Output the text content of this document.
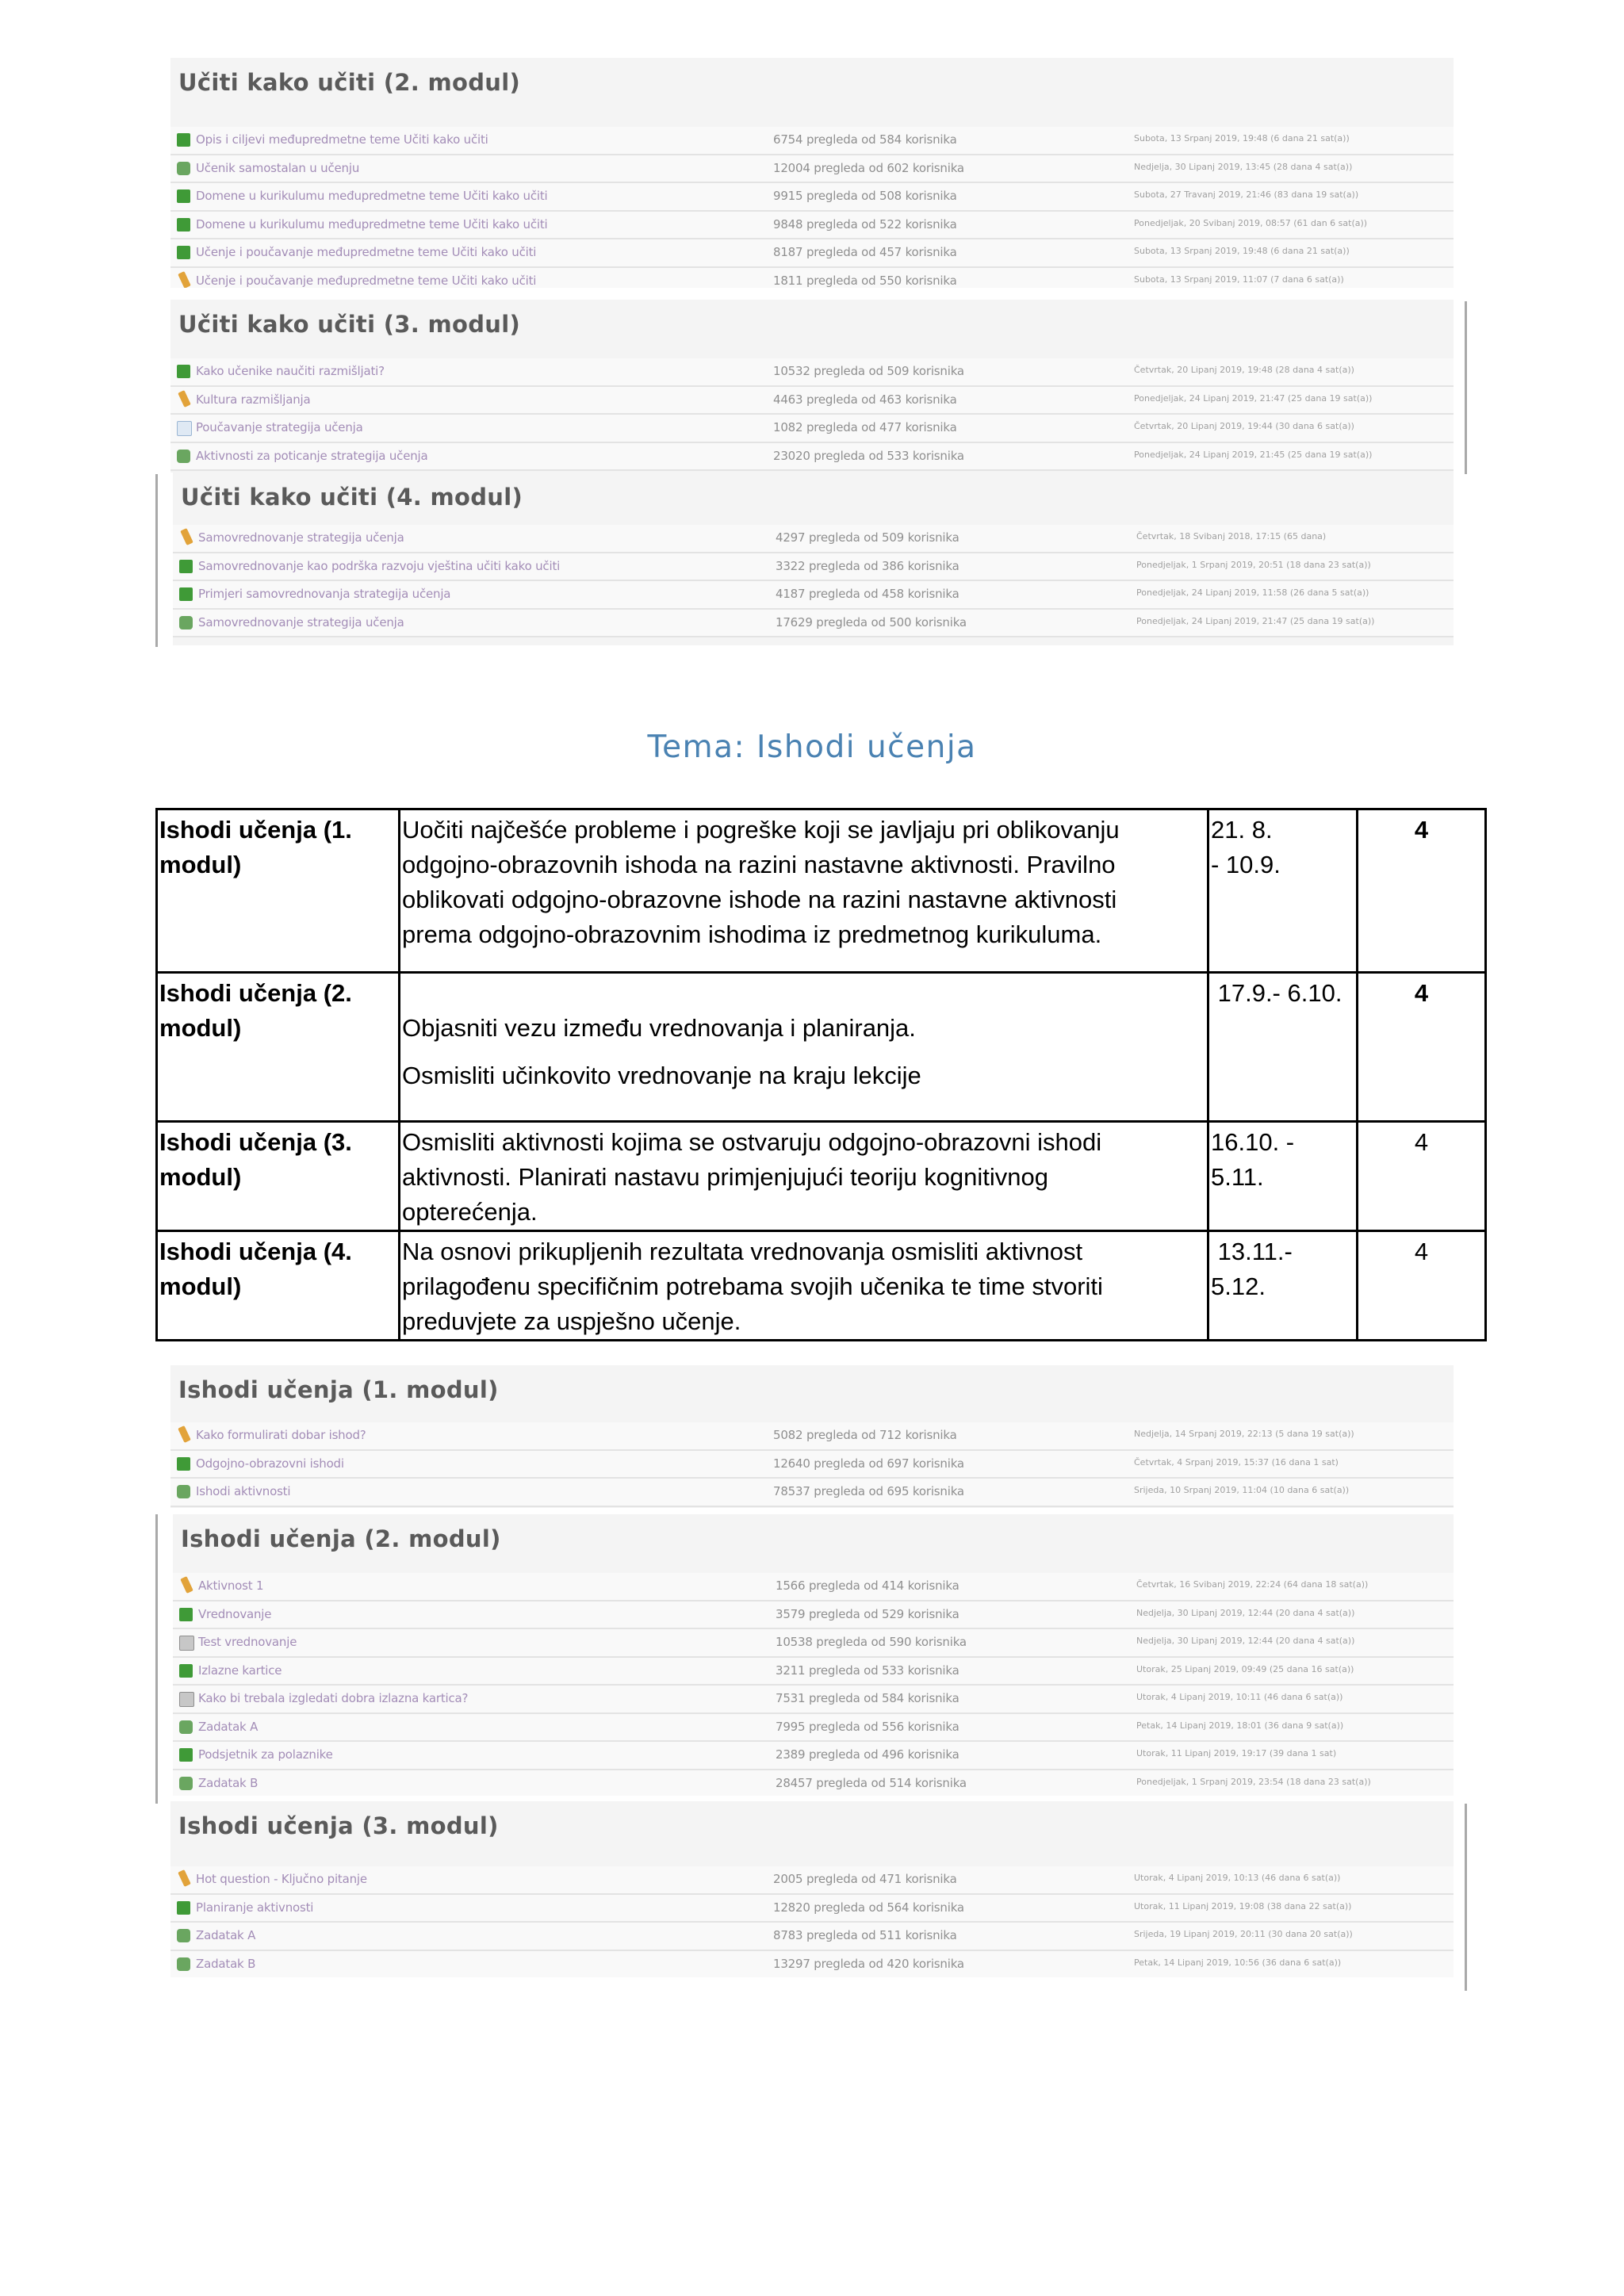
Učiti kako učiti (2. modul)
Opis i ciljevi međupredmetne teme Učiti kako učiti	6754 pregleda od 584 korisnika	Subota, 13 Srpanj 2019, 19:48 (6 dana 21 sat(a))
Učenik samostalan u učenju	12004 pregleda od 602 korisnika	Nedjelja, 30 Lipanj 2019, 13:45 (28 dana 4 sat(a))
Domene u kurikulumu međupredmetne teme Učiti kako učiti	9915 pregleda od 508 korisnika	Subota, 27 Travanj 2019, 21:46 (83 dana 19 sat(a))
Domene u kurikulumu međupredmetne teme Učiti kako učiti	9848 pregleda od 522 korisnika	Ponedjeljak, 20 Svibanj 2019, 08:57 (61 dan 6 sat(a))
Učenje i poučavanje međupredmetne teme Učiti kako učiti	8187 pregleda od 457 korisnika	Subota, 13 Srpanj 2019, 19:48 (6 dana 21 sat(a))
Učenje i poučavanje međupredmetne teme Učiti kako učiti	1811 pregleda od 550 korisnika	Subota, 13 Srpanj 2019, 11:07 (7 dana 6 sat(a))
Učiti kako učiti (3. modul)
Kako učenike naučiti razmišljati?	10532 pregleda od 509 korisnika	Četvrtak, 20 Lipanj 2019, 19:48 (28 dana 4 sat(a))
Kultura razmišljanja	4463 pregleda od 463 korisnika	Ponedjeljak, 24 Lipanj 2019, 21:47 (25 dana 19 sat(a))
Poučavanje strategija učenja	1082 pregleda od 477 korisnika	Četvrtak, 20 Lipanj 2019, 19:44 (30 dana 6 sat(a))
Aktivnosti za poticanje strategija učenja	23020 pregleda od 533 korisnika	Ponedjeljak, 24 Lipanj 2019, 21:45 (25 dana 19 sat(a))
Učiti kako učiti (4. modul)
Samovrednovanje strategija učenja	4297 pregleda od 509 korisnika	Četvrtak, 18 Svibanj 2018, 17:15 (65 dana)
Samovrednovanje kao podrška razvoju vještina učiti kako učiti	3322 pregleda od 386 korisnika	Ponedjeljak, 1 Srpanj 2019, 20:51 (18 dana 23 sat(a))
Primjeri samovrednovanja strategija učenja	4187 pregleda od 458 korisnika	Ponedjeljak, 24 Lipanj 2019, 11:58 (26 dana 5 sat(a))
Samovrednovanje strategija učenja	17629 pregleda od 500 korisnika	Ponedjeljak, 24 Lipanj 2019, 21:47 (25 dana 19 sat(a))
Tema: Ishodi učenja
Ishodi učenja (1. modul)	Uočiti najčešće probleme i pogreške koji se javljaju pri oblikovanju
odgojno-obrazovnih ishoda na razini nastavne aktivnosti. Pravilno
oblikovati odgojno-obrazovne ishode na razini nastavne aktivnosti
prema odgojno-obrazovnim ishodima iz predmetnog kurikuluma.	21. 8.
- 10.9.	4
Ishodi učenja (2. modul)	Objasniti vezu između vrednovanja i planiranja.
Osmisliti učinkovito vrednovanje na kraju lekcije	17.9.- 6.10.	4
Ishodi učenja (3. modul)	Osmisliti aktivnosti kojima se ostvaruju odgojno-obrazovni ishodi
aktivnosti. Planirati nastavu primjenjujući teoriju kognitivnog
opterećenja.	16.10. -
5.11.	4
Ishodi učenja (4. modul)	Na osnovi prikupljenih rezultata vrednovanja osmisliti aktivnost
prilagođenu specifičnim potrebama svojih učenika te time stvoriti
preduvjete za uspješno učenje.	13.11.-
5.12.	4
Ishodi učenja (1. modul)
Kako formulirati dobar ishod?	5082 pregleda od 712 korisnika	Nedjelja, 14 Srpanj 2019, 22:13 (5 dana 19 sat(a))
Odgojno-obrazovni ishodi	12640 pregleda od 697 korisnika	Četvrtak, 4 Srpanj 2019, 15:37 (16 dana 1 sat)
Ishodi aktivnosti	78537 pregleda od 695 korisnika	Srijeda, 10 Srpanj 2019, 11:04 (10 dana 6 sat(a))
Ishodi učenja (2. modul)
Aktivnost 1	1566 pregleda od 414 korisnika	Četvrtak, 16 Svibanj 2019, 22:24 (64 dana 18 sat(a))
Vrednovanje	3579 pregleda od 529 korisnika	Nedjelja, 30 Lipanj 2019, 12:44 (20 dana 4 sat(a))
Test vrednovanje	10538 pregleda od 590 korisnika	Nedjelja, 30 Lipanj 2019, 12:44 (20 dana 4 sat(a))
Izlazne kartice	3211 pregleda od 533 korisnika	Utorak, 25 Lipanj 2019, 09:49 (25 dana 16 sat(a))
Kako bi trebala izgledati dobra izlazna kartica?	7531 pregleda od 584 korisnika	Utorak, 4 Lipanj 2019, 10:11 (46 dana 6 sat(a))
Zadatak A	7995 pregleda od 556 korisnika	Petak, 14 Lipanj 2019, 18:01 (36 dana 9 sat(a))
Podsjetnik za polaznike	2389 pregleda od 496 korisnika	Utorak, 11 Lipanj 2019, 19:17 (39 dana 1 sat)
Zadatak B	28457 pregleda od 514 korisnika	Ponedjeljak, 1 Srpanj 2019, 23:54 (18 dana 23 sat(a))
Ishodi učenja (3. modul)
Hot question - Ključno pitanje	2005 pregleda od 471 korisnika	Utorak, 4 Lipanj 2019, 10:13 (46 dana 6 sat(a))
Planiranje aktivnosti	12820 pregleda od 564 korisnika	Utorak, 11 Lipanj 2019, 19:08 (38 dana 22 sat(a))
Zadatak A	8783 pregleda od 511 korisnika	Srijeda, 19 Lipanj 2019, 20:11 (30 dana 20 sat(a))
Zadatak B	13297 pregleda od 420 korisnika	Petak, 14 Lipanj 2019, 10:56 (36 dana 6 sat(a))
